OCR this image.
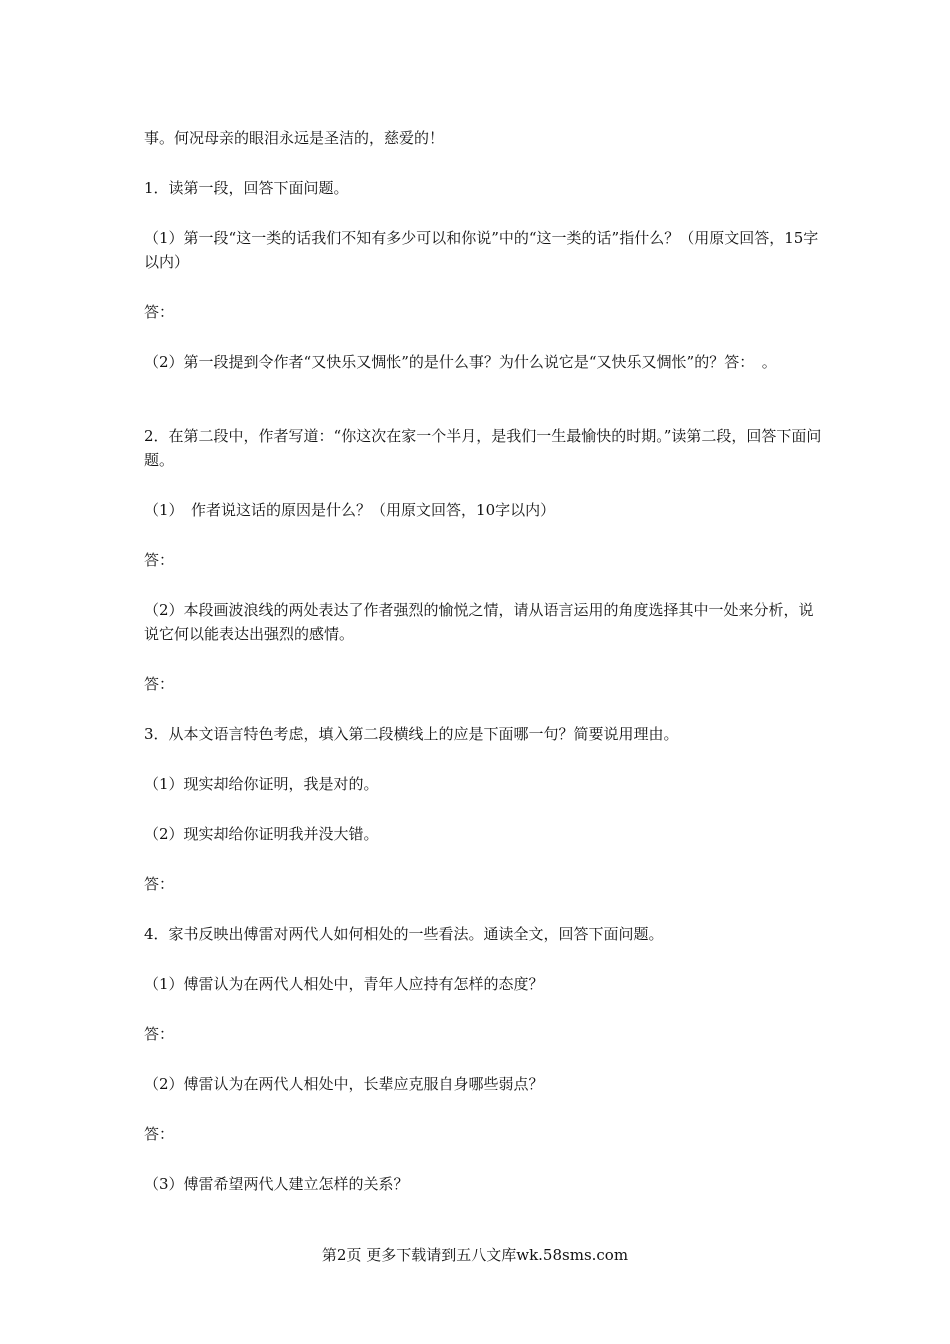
事。何况母亲的眼泪永远是圣洁的，慈爱的！

1．读第一段，回答下面问题。

（1）第一段“这一类的话我们不知有多少可以和你说”中的“这一类的话”指什么？（用原文回答，15字以内）

答：

（2）第一段提到令作者“又快乐又惆怅”的是什么事？为什么说它是“又快乐又惆怅”的？答：　。

2．在第二段中，作者写道：“你这次在家一个半月，是我们一生最愉快的时期。”读第二段，回答下面问题。

（1）　作者说这话的原因是什么？（用原文回答，10字以内）

答：

（2）本段画波浪线的两处表达了作者强烈的愉悦之情，请从语言运用的角度选择其中一处来分析，说说它何以能表达出强烈的感情。

答：

3．从本文语言特色考虑，填入第二段横线上的应是下面哪一句？简要说用理由。

（1）现实却给你证明，我是对的。

（2）现实却给你证明我并没大错。

答：

4．家书反映出傅雷对两代人如何相处的一些看法。通读全文，回答下面问题。

（1）傅雷认为在两代人相处中，青年人应持有怎样的态度？

答：

（2）傅雷认为在两代人相处中，长辈应克服自身哪些弱点？

答：

（3）傅雷希望两代人建立怎样的关系？

第2页 更多下载请到五八文库wk.58sms.com
